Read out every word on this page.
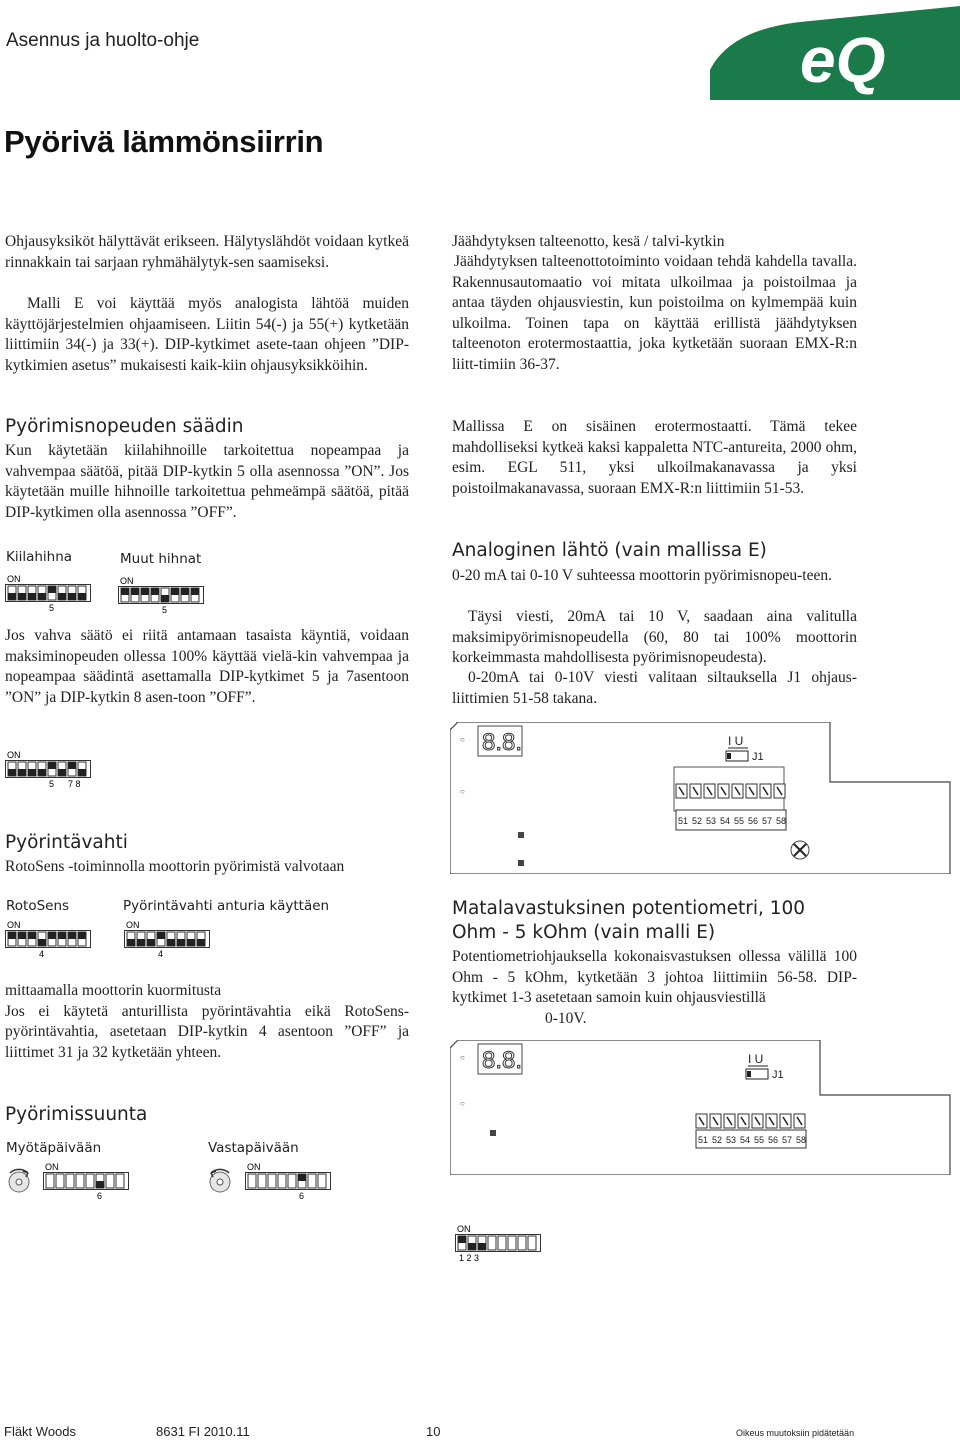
Asennus ja huolto-ohje	eQ
Pyörivä lämmönsiirrin

Ohjausyksiköt hälyttävät erikseen. Hälytyslähdöt voidaan kytkeä rinnakkain tai sarjaan ryhmähälytyk-sen saamiseksi.

Malli E voi käyttää myös analogista lähtöä muiden käyttöjärjestelmien ohjaamiseen. Liitin 54(-) ja 55(+) kytketään liittimiin 34(-) ja 33(+). DIP-kytkimet asete-taan ohjeen ”DIP-kytkimien asetus” mukaisesti kaik-kiin ohjausyksikköihin.

Pyörimisnopeuden säädin

Kun käytetään kiilahihnoille tarkoitettua nopeampaa ja vahvempaa säätöä, pitää DIP-kytkin 5 olla asennossa ”ON”. Jos käytetään muille hihnoille tarkoitettua pehmeämpä säätöä, pitää DIP-kytkimen olla asennossa ”OFF”.

Kiilahihna	Muut hihnat
ON
5
ON
5

Jos vahva säätö ei riitä antamaan tasaista käyntiä, voidaan maksiminopeuden ollessa 100% käyttää vielä-kin vahvempaa ja nopeampaa säädintä asettamalla DIP-kytkimet 5 ja 7asentoon ”ON” ja DIP-kytkin 8 asen-toon ”OFF”.

ON
5 7 8
Pyörintävahti

RotoSens -toiminnolla moottorin pyörimistä valvotaan

RotoSens	Pyörintävahti anturia käyttäen
ON
4
ON
4

mittaamalla moottorin kuormitusta
Jos ei käytetä anturillista pyörintävahtia eikä RotoSens-pyörintävahtia, asetetaan DIP-kytkin 4 asentoon ”OFF” ja liittimet 31 ja 32 kytketään yhteen.

Pyörimissuunta
Myötäpäivään	Vastapäivään
ON
6
ON
6

Jäähdytyksen talteenotto, kesä / talvi-kytkin

Jäähdytyksen talteenottotoiminto voidaan tehdä kahdella tavalla. Rakennusautomaatio voi mitata ulkoilmaa ja poistoilmaa ja antaa täyden ohjausviestin, kun poistoilma on kylmempää kuin ulkoilma. Toinen tapa on käyttää erillistä jäähdytyksen talteenoton erotermostaattia, joka kytketään suoraan EMX-R:n liitt-timiin 36-37.

Mallissa E on sisäinen erotermostaatti. Tämä tekee mahdolliseksi kytkeä kaksi kappaletta NTC-antureita, 2000 ohm, esim. EGL 511, yksi ulkoilmakanavassa ja yksi poistoilmakanavassa, suoraan EMX-R:n liittimiin 51-53.

Analoginen lähtö (vain mallissa E)

0-20 mA tai 0-10 V suhteessa moottorin pyörimisnopeu-teen.

Täysi viesti, 20mA tai 10 V, saadaan aina valitulla maksimipyörimisnopeudella (60, 80 tai 100% moottorin korkeimmasta mahdollisesta pyörimisnopeudesta).

0-20mA tai 0-10V viesti valitaan siltauksella J1 ohjaus-liittimien 51-58 takana.

○
○
8.8.	I U
J1
51 52 53 54 55 56 57 58
Matalavastuksinen potentiometri, 100
Ohm - 5 kOhm (vain malli E)

Potentiometriohjauksella kokonaisvastuksen ollessa välillä 100 Ohm - 5 kOhm, kytketään 3 johtoa liittimiin 56-58. DIP-kytkimet 1-3 asetetaan samoin kuin ohjausviestillä

0-10V.

○
○
8.8.	I U
J1
51 52 53 54 55 56 57 58
ON
1 2 3
Fläkt Woods	8631 FI 2010.11	10	Oikeus muutoksiin pidätetään
